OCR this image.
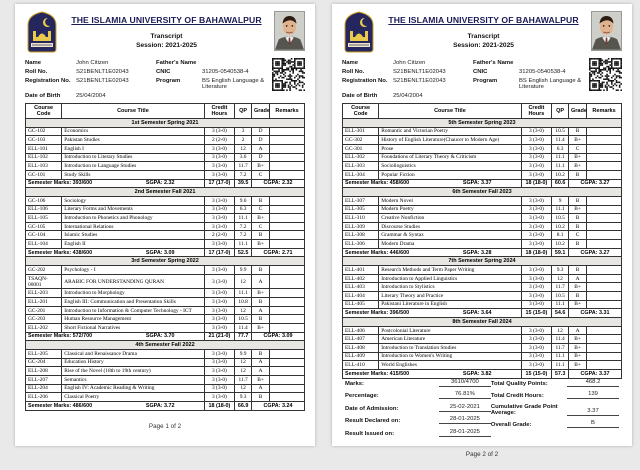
THE ISLAMIA UNIVERSITY OF BAHAWALPUR
Transcript
Session: 2021-2025
Name	John Citizen	Father's Name
Roll No.	S21BENLT1E02043	CNIC	31205-0540538-4
Registration No. S21BENLT1E02043	Program	BS English Language & Literature
Date of Birth	25/04/2004
Course Code	Course Title	Credit Hours	QP	Grade	Remarks
1st Semester Spring 2021					
GC-102	Economics	3 (3-0)	3	D	
GC-103	Pakistan Studies	2 (2-0)	2	D	
ELL-101	English I	3 (3-0)	12	A	
ELL-102	Introduction to Literary Studies	3 (3-0)	3.6	D	
ELL-103	Introduction to Language Studies	3 (3-0)	11.7	B+	
GC-101	Study Skills	3 (3-0)	7.2	C	

Semester Marks: 393/600 SGPA: 2.32		17 (17-0)	39.5	CGPA: 2.32	
2nd Semester Fall 2021					
GC-106	Sociology	3 (3-0)	9.6	B	
ELL-106	Literary Forms and Movements	3 (3-0)	6.3	C	
ELL-105	Introduction to Phonetics and Phonology	3 (3-0)	11.1	B+	
GC-105	International Relations	3 (3-0)	7.2	C	
GC-104	Islamic Studies	2 (2-0)	7.2	B	
ELL-104	English II	3 (3-0)	11.1	B+	

Semester Marks: 438/600 SGPA: 3.09		17 (17-0)	52.5	CGPA: 2.71	
3rd Semester Spring 2022					
GC-202	Psychology - I	3 (3-0)	9.9	B	
TSAQN-00001	ARABIC FOR UNDERSTANDING QURAN	3 (3-0)	12	A	
ELL-203	Introduction to Morphology	3 (3-0)	11.1	B+	
ELL-201	English III: Communication and Presentation Skills	3 (3-0)	10.8	B	
GC-201	Introduction to Information & Computer Technology - ICT	3 (3-0)	12	A	
GC-203	Human Resource Management	3 (3-0)	10.5	B	
ELL-202	Short Fictional Narratives	3 (3-0)	11.4	B+	

Semester Marks: 572/700 SGPA: 3.70		21 (21-0)	77.7	CGPA: 3.09	
4th Semester Fall 2022					
ELL-205	Classical and Renaissance Drama	3 (3-0)	9.9	B	
GC-204	Education History	3 (3-0)	12	A	
ELL-208	Rise of the Novel (18th to 19th century)	3 (3-0)	12	A	
ELL-207	Semantics	3 (3-0)	11.7	B+	
ELL-204	English IV: Academic Reading & Writing	3 (3-0)	12	A	
ELL-206	Classical Poetry	3 (3-0)	9.3	B	

Semester Marks: 486/600 SGPA: 3.72		18 (18-0)	66.9	CGPA: 3.24	
Page 1 of 2
THE ISLAMIA UNIVERSITY OF BAHAWALPUR
Transcript
Session: 2021-2025
Name	John Citizen	Father's Name
Roll No.	S21BENLT1E02043	CNIC	31205-0540538-4
Registration No. S21BENLT1E02043	Program	BS English Language & Literature
Date of Birth	25/04/2004
Course Code	Course Title	Credit Hours	QP	Grade	Remarks
5th Semester Spring 2023					
ELL-301	Romantic and Victorian Poetry	3 (3-0)	10.5	B	
GC-302	History of English Literature(Chaucer to Modern Age)	3 (3-0)	11.4	B+	
GC-301	Prose	3 (3-0)	6.3	C	
ELL-302	Foundations of Literary Theory & Criticism	3 (3-0)	11.1	B+	
ELL-303	Sociolinguistics	3 (3-0)	11.1	B+	
ELL-304	Popular Fiction	3 (3-0)	10.2	B	

Semester Marks: 458/600 SGPA: 3.37		18 (18-0)	60.6	CGPA: 3.27	
6th Semester Fall 2023					
ELL-307	Modern Novel	3 (3-0)	9	B	
ELL-305	Modern Poetry	3 (3-0)	11.1	B+	
ELL-310	Creative Nonfiction	3 (3-0)	10.5	B	
ELL-309	Discourse Studies	3 (3-0)	10.2	B	
ELL-308	Grammar & Syntax	3 (3-0)	8.1	C	
ELL-306	Modern Drama	3 (3-0)	10.2	B	

Semester Marks: 446/600 SGPA: 3.28		18 (18-0)	59.1	CGPA: 3.27	
7th Semester Spring 2024					
ELL-401	Research Methods and Term Paper Writing	3 (3-0)	9.3	B	
ELL-402	Introduction to Applied Linguistics	3 (3-0)	12	A	
ELL-403	Introduction to Stylistics	3 (3-0)	11.7	B+	
ELL-404	Literary Theory and Practice	3 (3-0)	10.5	B	
ELL-405	Pakistani Literature in English	3 (3-0)	11.1	B+	

Semester Marks: 396/500 SGPA: 3.64		15 (15-0)	54.6	CGPA: 3.31	
8th Semester Fall 2024					
ELL-406	Postcolonial Literature	3 (3-0)	12	A	
ELL-407	American Literature	3 (3-0)	11.4	B+	
ELL-408	Introduction to Translation Studies	3 (3-0)	11.7	B+	
ELL-409	Introduction to Women's Writing	3 (3-0)	11.1	B+	
ELL-410	World Englishes	3 (3-0)	11.1	B+	

Semester Marks: 415/500 SGPA: 3.82		15 (15-0)	57.3	CGPA: 3.37	
Marks:	3610/4700
Percentage:	76.81%
Date of Admission:	25-02-2021
Result Declared on:	28-01-2025
Result Issued on:	28-01-2025
Total Quality Points:	468.2
Total Credit Hours:	139
Cumulative Grade Point Average:	3.37
Overall Grade:	B
Page 2 of 2
